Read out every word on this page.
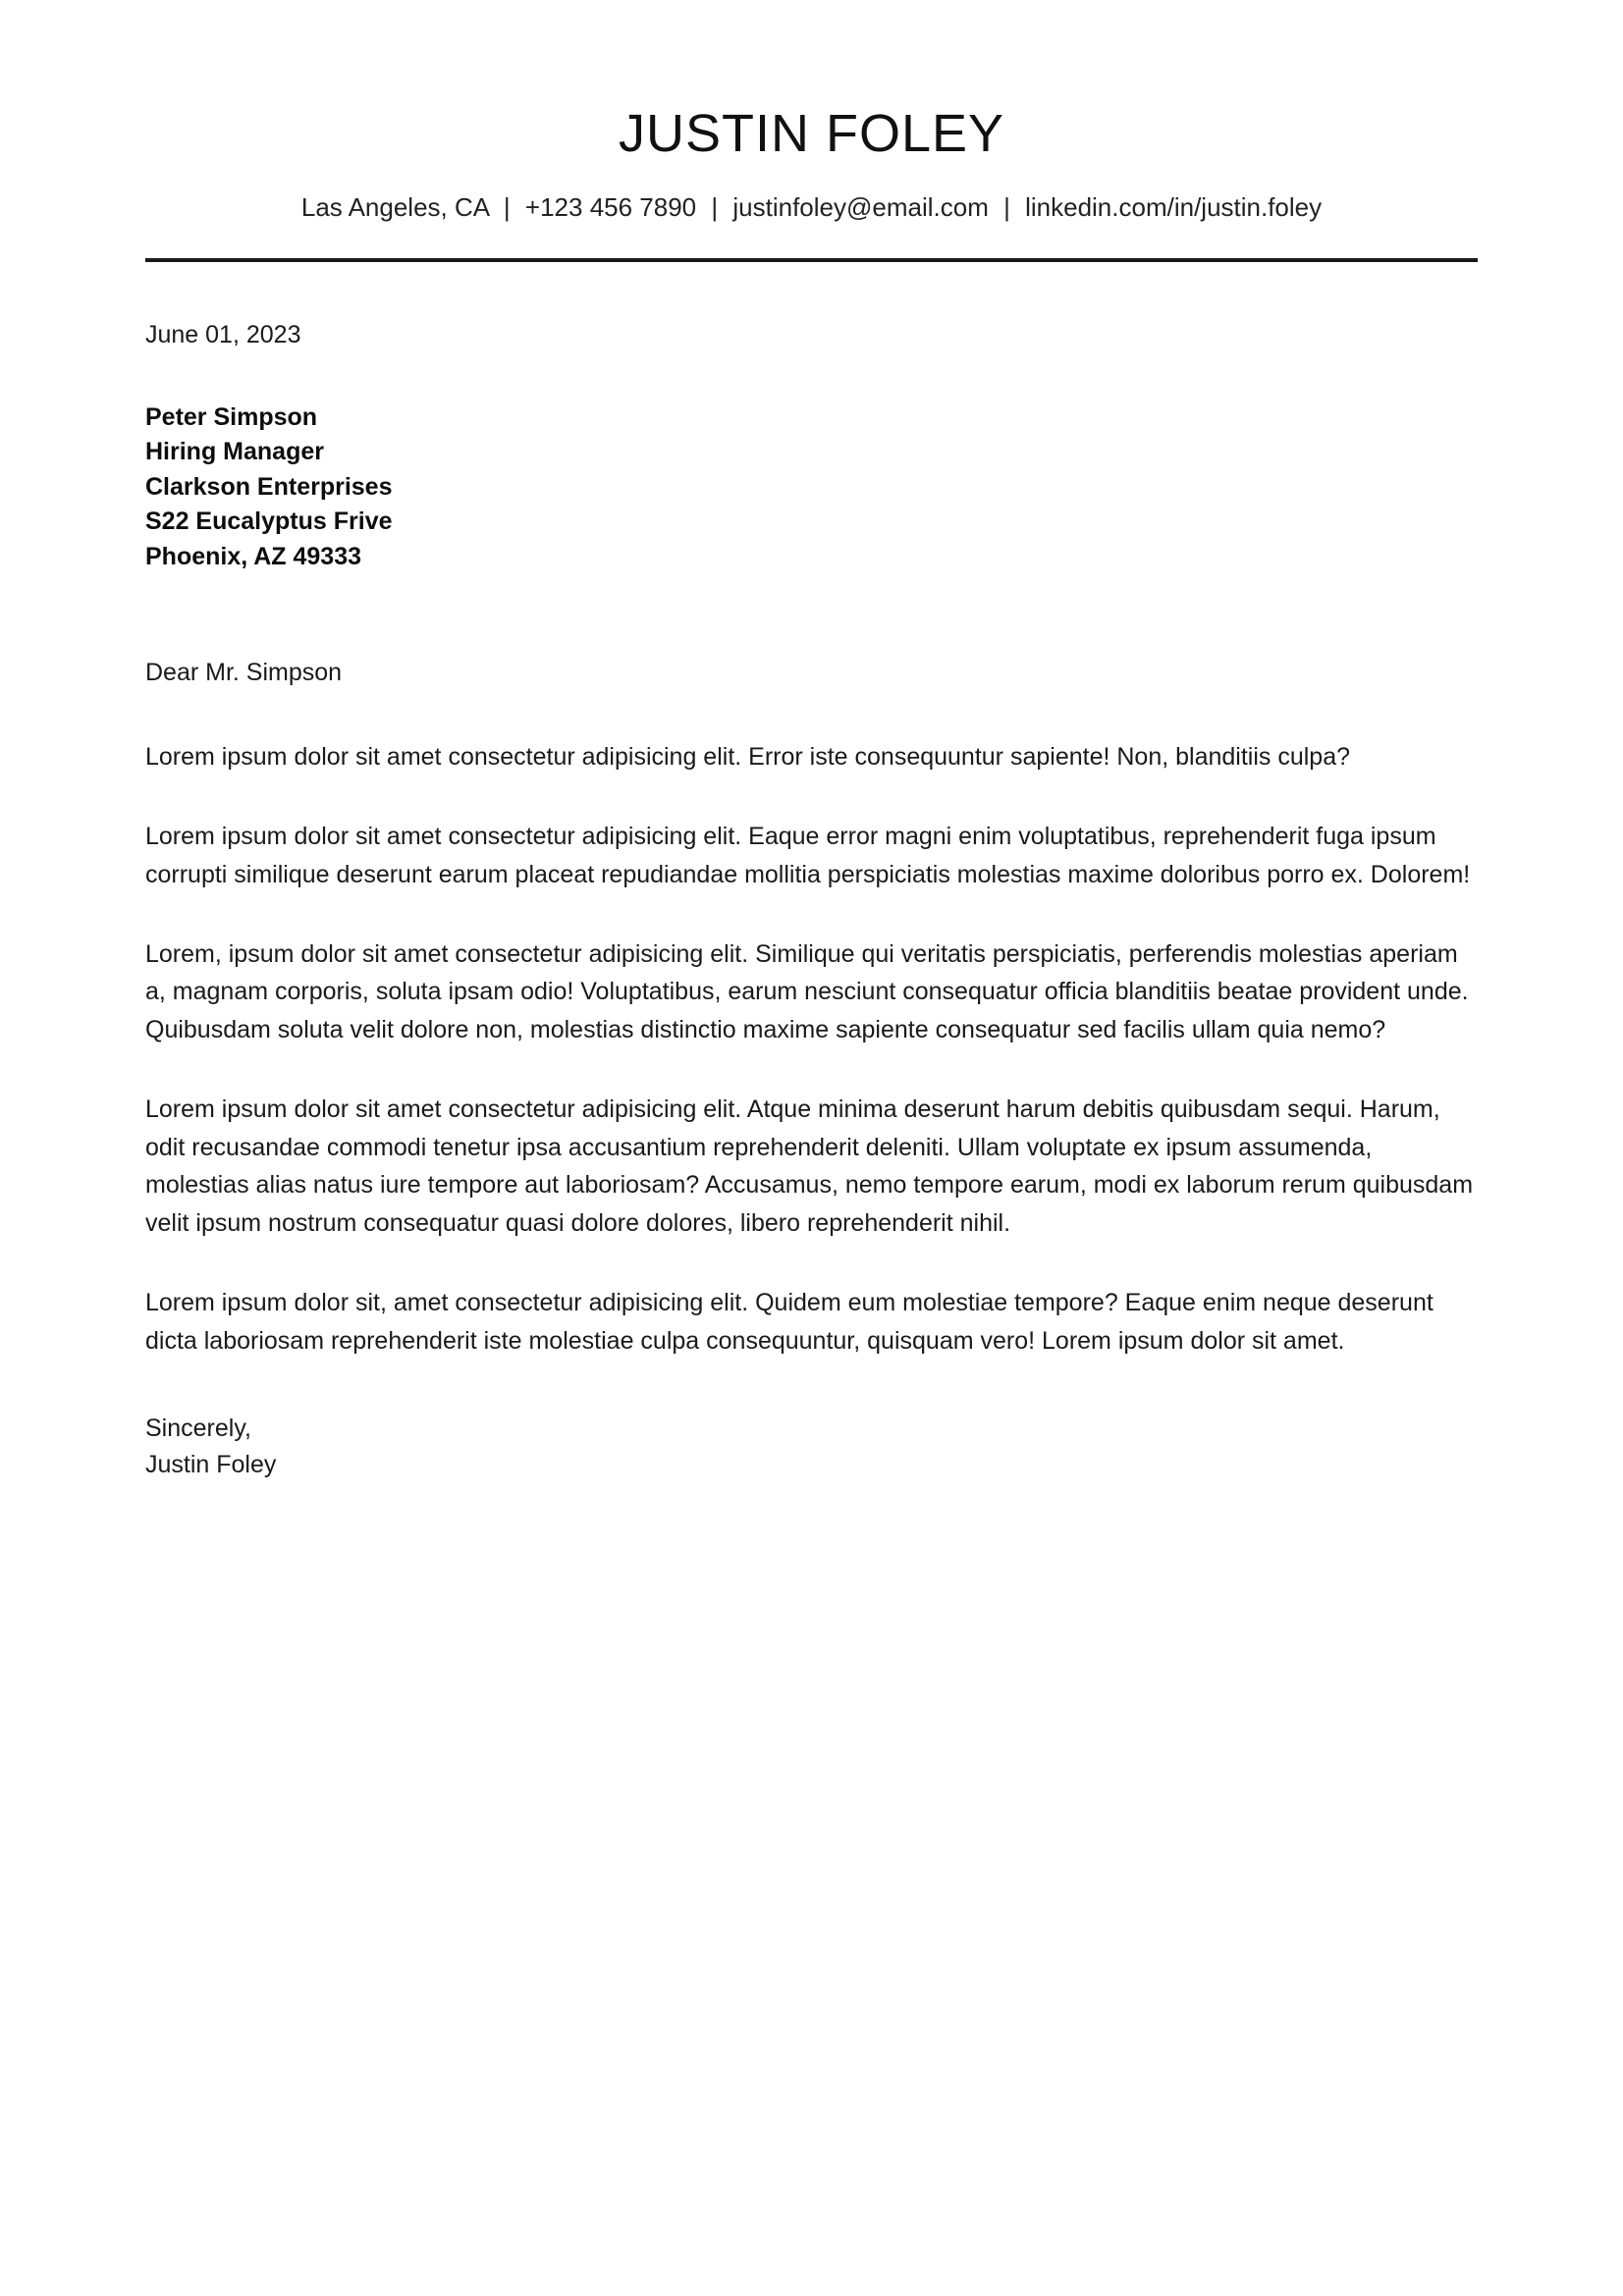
JUSTIN FOLEY
Las Angeles, CA | +123 456 7890 | justinfoley@email.com | linkedin.com/in/justin.foley
June 01, 2023
Peter Simpson
Hiring Manager
Clarkson Enterprises
S22 Eucalyptus Frive
Phoenix, AZ 49333
Dear Mr. Simpson

Lorem ipsum dolor sit amet consectetur adipisicing elit. Error iste consequuntur sapiente! Non, blanditiis culpa?

Lorem ipsum dolor sit amet consectetur adipisicing elit. Eaque error magni enim voluptatibus, reprehenderit fuga ipsum corrupti similique deserunt earum placeat repudiandae mollitia perspiciatis molestias maxime doloribus porro ex. Dolorem!

Lorem, ipsum dolor sit amet consectetur adipisicing elit. Similique qui veritatis perspiciatis, perferendis molestias aperiam a, magnam corporis, soluta ipsam odio! Voluptatibus, earum nesciunt consequatur officia blanditiis beatae provident unde. Quibusdam soluta velit dolore non, molestias distinctio maxime sapiente consequatur sed facilis ullam quia nemo?

Lorem ipsum dolor sit amet consectetur adipisicing elit. Atque minima deserunt harum debitis quibusdam sequi. Harum, odit recusandae commodi tenetur ipsa accusantium reprehenderit deleniti. Ullam voluptate ex ipsum assumenda, molestias alias natus iure tempore aut laboriosam? Accusamus, nemo tempore earum, modi ex laborum rerum quibusdam velit ipsum nostrum consequatur quasi dolore dolores, libero reprehenderit nihil.

Lorem ipsum dolor sit, amet consectetur adipisicing elit. Quidem eum molestiae tempore? Eaque enim neque deserunt dicta laboriosam reprehenderit iste molestiae culpa consequuntur, quisquam vero! Lorem ipsum dolor sit amet.

Sincerely,
Justin Foley
